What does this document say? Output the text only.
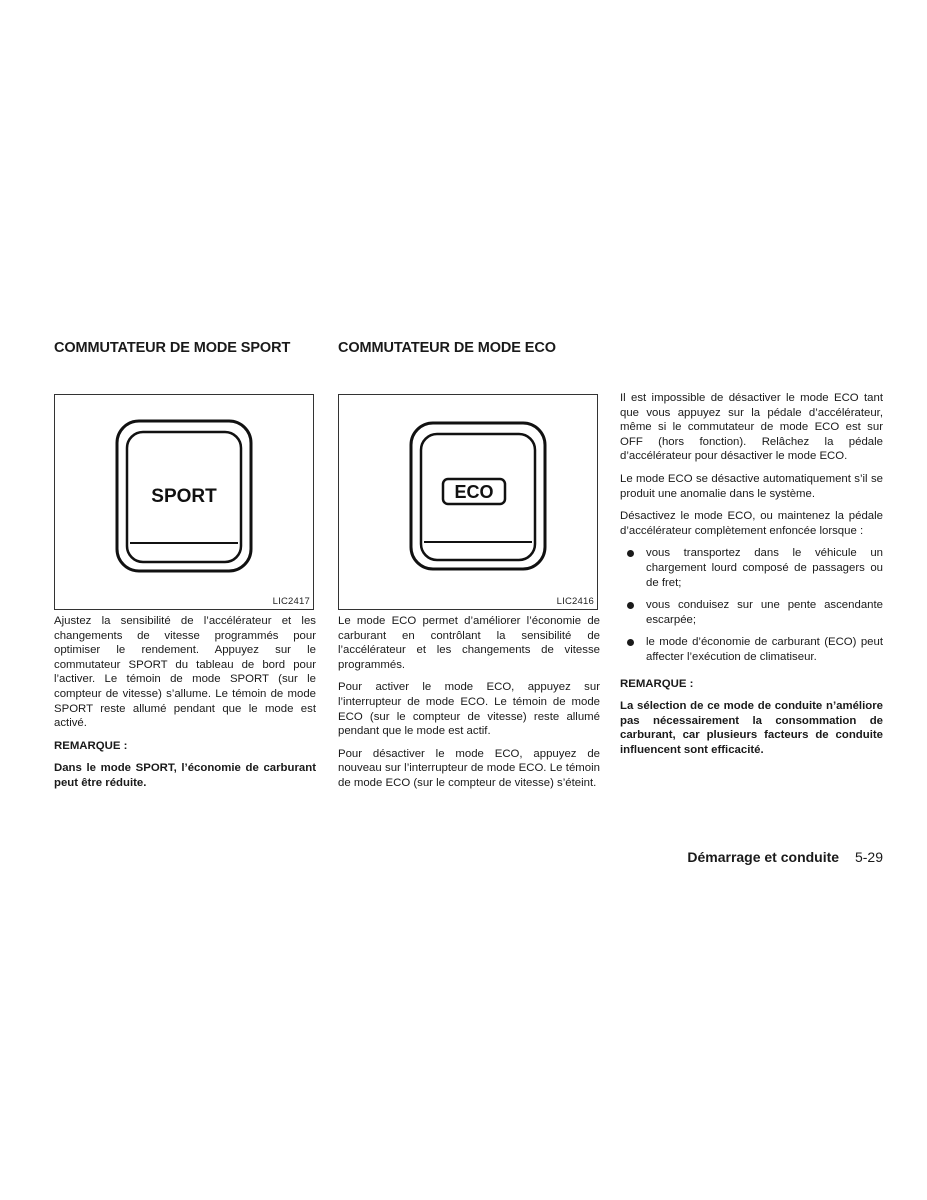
COMMUTATEUR DE MODE SPORT
SPORT
LIC2417

Ajustez la sensibilité de l’accélérateur et les changements de vitesse programmés pour optimiser le rendement. Appuyez sur le commutateur SPORT du tableau de bord pour l’activer. Le témoin de mode SPORT (sur le compteur de vitesse) s’allume. Le témoin de mode SPORT reste allumé pendant que le mode est activé.

REMARQUE :

Dans le mode SPORT, l’économie de carburant peut être réduite.

COMMUTATEUR DE MODE ECO
ECO
LIC2416

Le mode ECO permet d’améliorer l’économie de carburant en contrôlant la sensibilité de l’accélérateur et les changements de vitesse programmés.

Pour activer le mode ECO, appuyez sur l’interrupteur de mode ECO. Le témoin de mode ECO (sur le compteur de vitesse) reste allumé pendant que le mode est actif.

Pour désactiver le mode ECO, appuyez de nouveau sur l’interrupteur de mode ECO. Le témoin de mode ECO (sur le compteur de vitesse) s’éteint.

Il est impossible de désactiver le mode ECO tant que vous appuyez sur la pédale d’accélérateur, même si le commutateur de mode ECO est sur OFF (hors fonction). Relâchez la pédale d’accélérateur pour désactiver le mode ECO.

Le mode ECO se désactive automatiquement s’il se produit une anomalie dans le système.

Désactivez le mode ECO, ou maintenez la pédale d’accélérateur complètement enfoncée lorsque :

vous transportez dans le véhicule un chargement lourd composé de passagers ou de fret;
vous conduisez sur une pente ascendante escarpée;
le mode d’économie de carburant (ECO) peut affecter l’exécution de climatiseur.

REMARQUE :

La sélection de ce mode de conduite n’améliore pas nécessairement la consommation de carburant, car plusieurs facteurs de conduite influencent sont efficacité.

Démarrage et conduite 5-29
